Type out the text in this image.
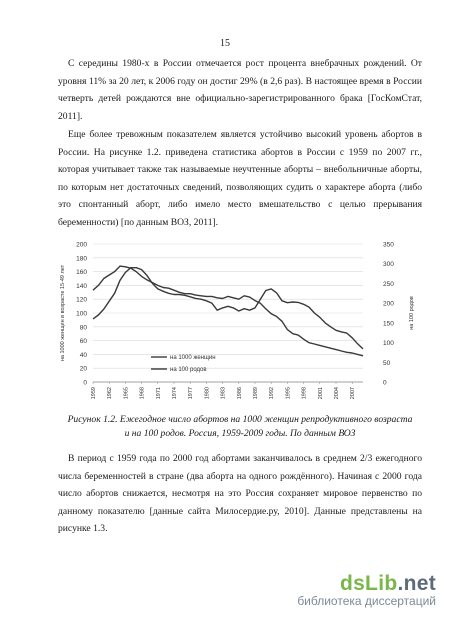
15

С середины 1980-х в России отмечается рост процента внебрачных рождений. От уровня 11% за 20 лет, к 2006 году он достиг 29% (в 2,6 раз). В настоящее время в России четверть детей рождаются вне официально-зарегистрированного брака [ГосКомСтат, 2011].

Еще более тревожным показателем является устойчиво высокий уровень абортов в России. На рисунке 1.2. приведена статистика абортов в России с 1959 по 2007 гг., которая учитывает также так называемые неучтенные аборты – внебольничные аборты, по которым нет достаточных сведений, позволяющих судить о характере аборта (либо это спонтанный аборт, либо имело место вмешательство с целью прерывания беременности) [по данным ВОЗ, 2011].

0
20
40
60
80
100
120
140
160
180
200
0
50
100
150
200
250
300
350
1959 1962 1965 1968 1971 1974 1977 1980 1983 1986 1989 1992 1995 1998 2001 2004 2007
на 1000 женщин в возрасте 15-49 лет	на 100 родов
на 1000 женщин
на 100 родов

Рисунок 1.2. Ежегодное число абортов на 1000 женщин репродуктивного возраста и на 100 родов. Россия, 1959-2009 годы. По данным ВОЗ

В период с 1959 года по 2000 год абортами заканчивалось в среднем 2/3 ежегодного числа беременностей в стране (два аборта на одного рождённого). Начиная с 2000 года число абортов снижается, несмотря на это Россия сохраняет мировое первенство по данному показателю [данные сайта Милосердие.ру, 2010]. Данные представлены на рисунке 1.3.

dsLib.net
библиотека диссертаций
